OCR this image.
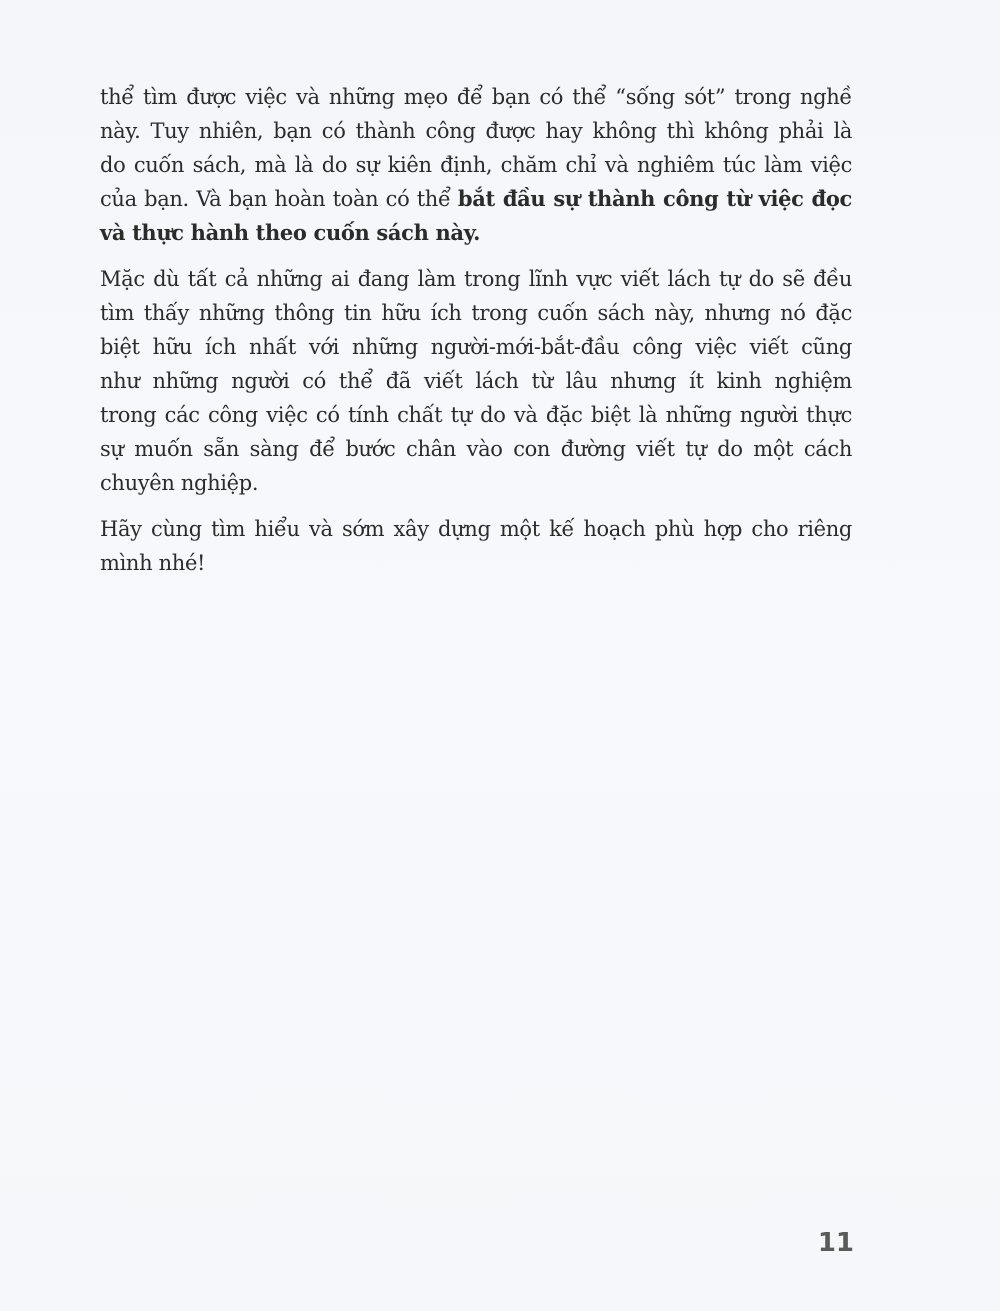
thể tìm được việc và những mẹo để bạn có thể “sống sót” trong nghề
này. Tuy nhiên, bạn có thành công được hay không thì không phải là
do cuốn sách, mà là do sự kiên định, chăm chỉ và nghiêm túc làm việc
của bạn. Và bạn hoàn toàn có thể bắt đầu sự thành công từ việc đọc
và thực hành theo cuốn sách này.

Mặc dù tất cả những ai đang làm trong lĩnh vực viết lách tự do sẽ đều
tìm thấy những thông tin hữu ích trong cuốn sách này, nhưng nó đặc
biệt hữu ích nhất với những người-mới-bắt-đầu công việc viết cũng
như những người có thể đã viết lách từ lâu nhưng ít kinh nghiệm
trong các công việc có tính chất tự do và đặc biệt là những người thực
sự muốn sẵn sàng để bước chân vào con đường viết tự do một cách
chuyên nghiệp.

Hãy cùng tìm hiểu và sớm xây dựng một kế hoạch phù hợp cho riêng
mình nhé!

11
